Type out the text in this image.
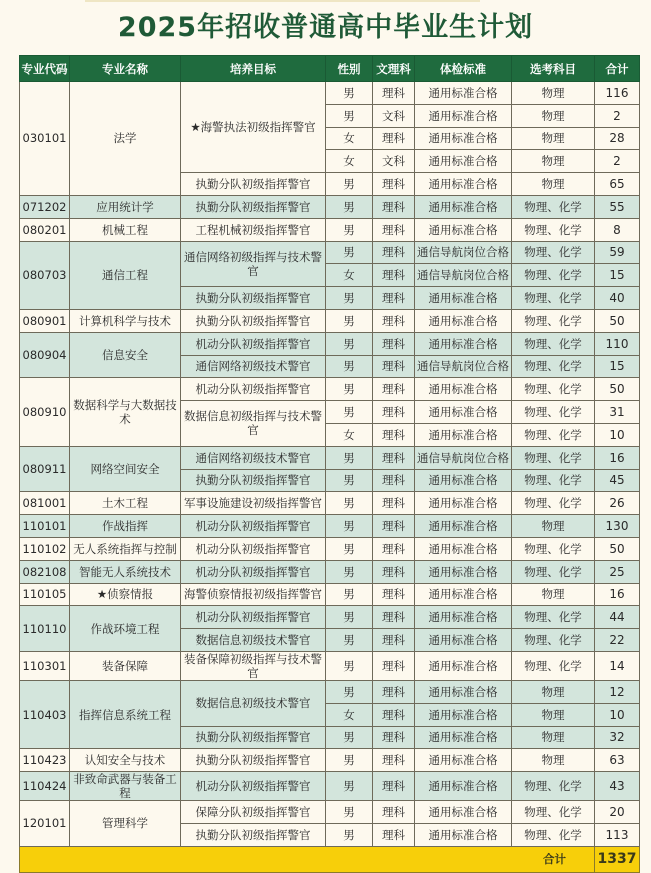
2025年招收普通高中毕业生计划
专业代码	专业名称	培养目标	性别	文理科	体检标准	选考科目	合计
030101	法学	★海警执法初级指挥警官	男	理科	通用标准合格	物理	116
			男	文科	通用标准合格	物理	2
			女	理科	通用标准合格	物理	28
			女	文科	通用标准合格	物理	2
		执勤分队初级指挥警官	男	理科	通用标准合格	物理	65
071202	应用统计学	执勤分队初级指挥警官	男	理科	通用标准合格	物理、化学	55
080201	机械工程	工程机械初级指挥警官	男	理科	通用标准合格	物理、化学	8
080703	通信工程	通信网络初级指挥与技术警官	男	理科	通信导航岗位合格	物理、化学	59
			女	理科	通信导航岗位合格	物理、化学	15
		执勤分队初级指挥警官	男	理科	通用标准合格	物理、化学	40
080901	计算机科学与技术	执勤分队初级指挥警官	男	理科	通用标准合格	物理、化学	50
080904	信息安全	机动分队初级指挥警官	男	理科	通用标准合格	物理、化学	110
		通信网络初级技术警官	男	理科	通信导航岗位合格	物理、化学	15
080910	数据科学与大数据技术	机动分队初级指挥警官	男	理科	通用标准合格	物理、化学	50
		数据信息初级指挥与技术警官	男	理科	通用标准合格	物理、化学	31
			女	理科	通用标准合格	物理、化学	10
080911	网络空间安全	通信网络初级技术警官	男	理科	通信导航岗位合格	物理、化学	16
		执勤分队初级指挥警官	男	理科	通用标准合格	物理、化学	45
081001	土木工程	军事设施建设初级指挥警官	男	理科	通用标准合格	物理、化学	26
110101	作战指挥	机动分队初级指挥警官	男	理科	通用标准合格	物理	130
110102	无人系统指挥与控制	机动分队初级指挥警官	男	理科	通用标准合格	物理、化学	50
082108	智能无人系统技术	机动分队初级指挥警官	男	理科	通用标准合格	物理、化学	25
110105	★侦察情报	海警侦察情报初级指挥警官	男	理科	通用标准合格	物理	16
110110	作战环境工程	机动分队初级指挥警官	男	理科	通用标准合格	物理、化学	44
		数据信息初级技术警官	男	理科	通用标准合格	物理、化学	22
110301	装备保障	装备保障初级指挥与技术警官	男	理科	通用标准合格	物理、化学	14
110403	指挥信息系统工程	数据信息初级技术警官	男	理科	通用标准合格	物理	12
			女	理科	通用标准合格	物理	10
		执勤分队初级指挥警官	男	理科	通用标准合格	物理	32
110423	认知安全与技术	执勤分队初级指挥警官	男	理科	通用标准合格	物理	63
110424	非致命武器与装备工程	机动分队初级指挥警官	男	理科	通用标准合格	物理、化学	43
120101	管理科学	保障分队初级指挥警官	男	理科	通用标准合格	物理、化学	20
		执勤分队初级指挥警官	男	理科	通用标准合格	物理、化学	113
合计							1337
